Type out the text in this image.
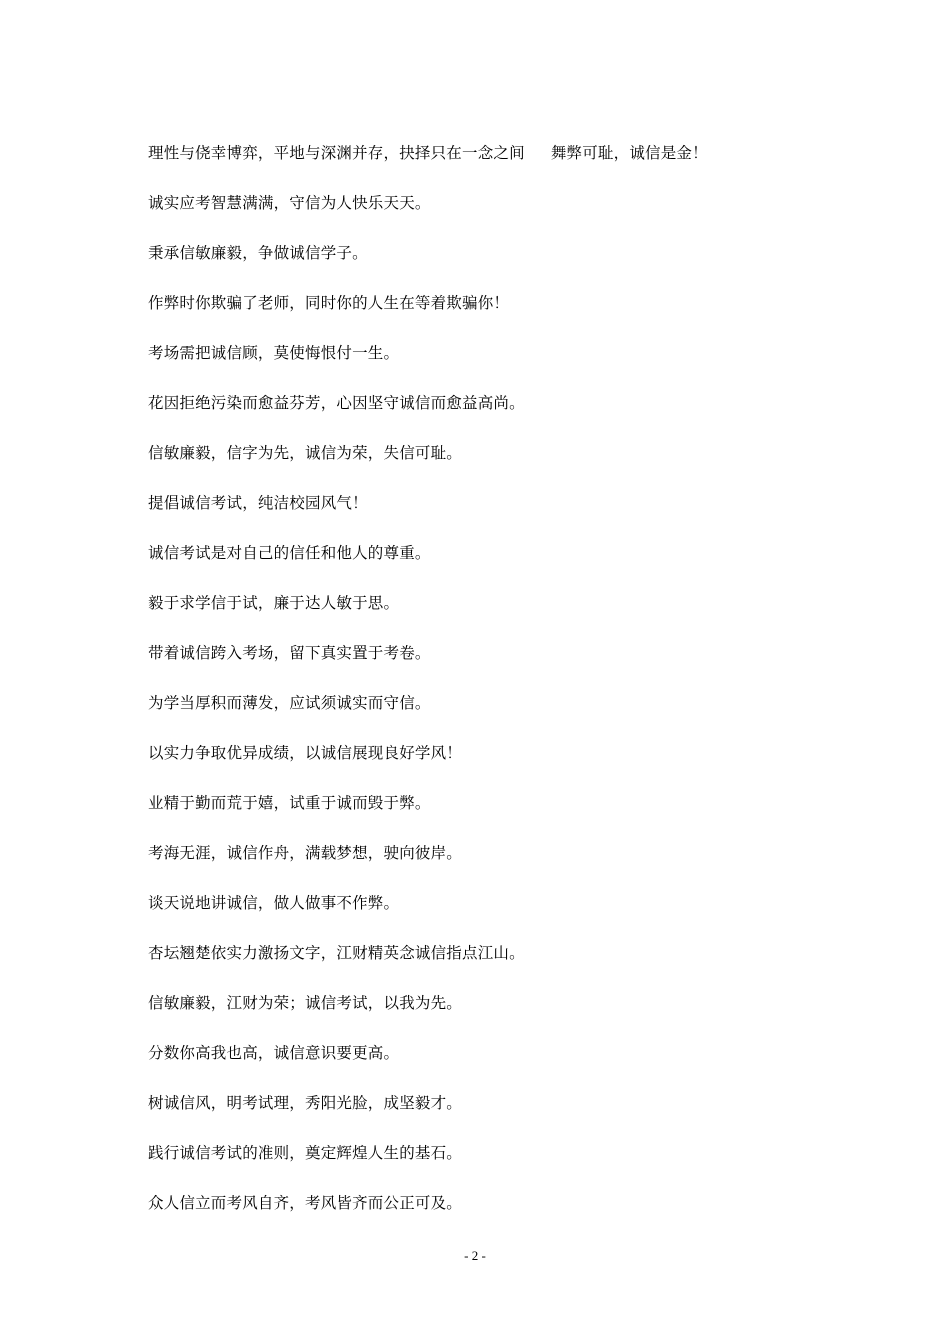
理性与侥幸博弈，平地与深渊并存，抉择只在一念之间 舞弊可耻，诚信是金！
诚实应考智慧满满，守信为人快乐天天。
秉承信敏廉毅，争做诚信学子。
作弊时你欺骗了老师，同时你的人生在等着欺骗你！
考场需把诚信顾，莫使悔恨付一生。
花因拒绝污染而愈益芬芳，心因坚守诚信而愈益高尚。
信敏廉毅，信字为先，诚信为荣，失信可耻。
提倡诚信考试，纯洁校园风气！
诚信考试是对自己的信任和他人的尊重。
毅于求学信于试，廉于达人敏于思。
带着诚信跨入考场，留下真实置于考卷。
为学当厚积而薄发，应试须诚实而守信。
以实力争取优异成绩，以诚信展现良好学风！
业精于勤而荒于嬉，试重于诚而毁于弊。
考海无涯，诚信作舟，满载梦想，驶向彼岸。
谈天说地讲诚信，做人做事不作弊。
杏坛翘楚依实力激扬文字，江财精英念诚信指点江山。
信敏廉毅，江财为荣；诚信考试，以我为先。
分数你高我也高，诚信意识要更高。
树诚信风，明考试理，秀阳光脸，成坚毅才。
践行诚信考试的准则，奠定辉煌人生的基石。
众人信立而考风自齐，考风皆齐而公正可及。
- 2 -
